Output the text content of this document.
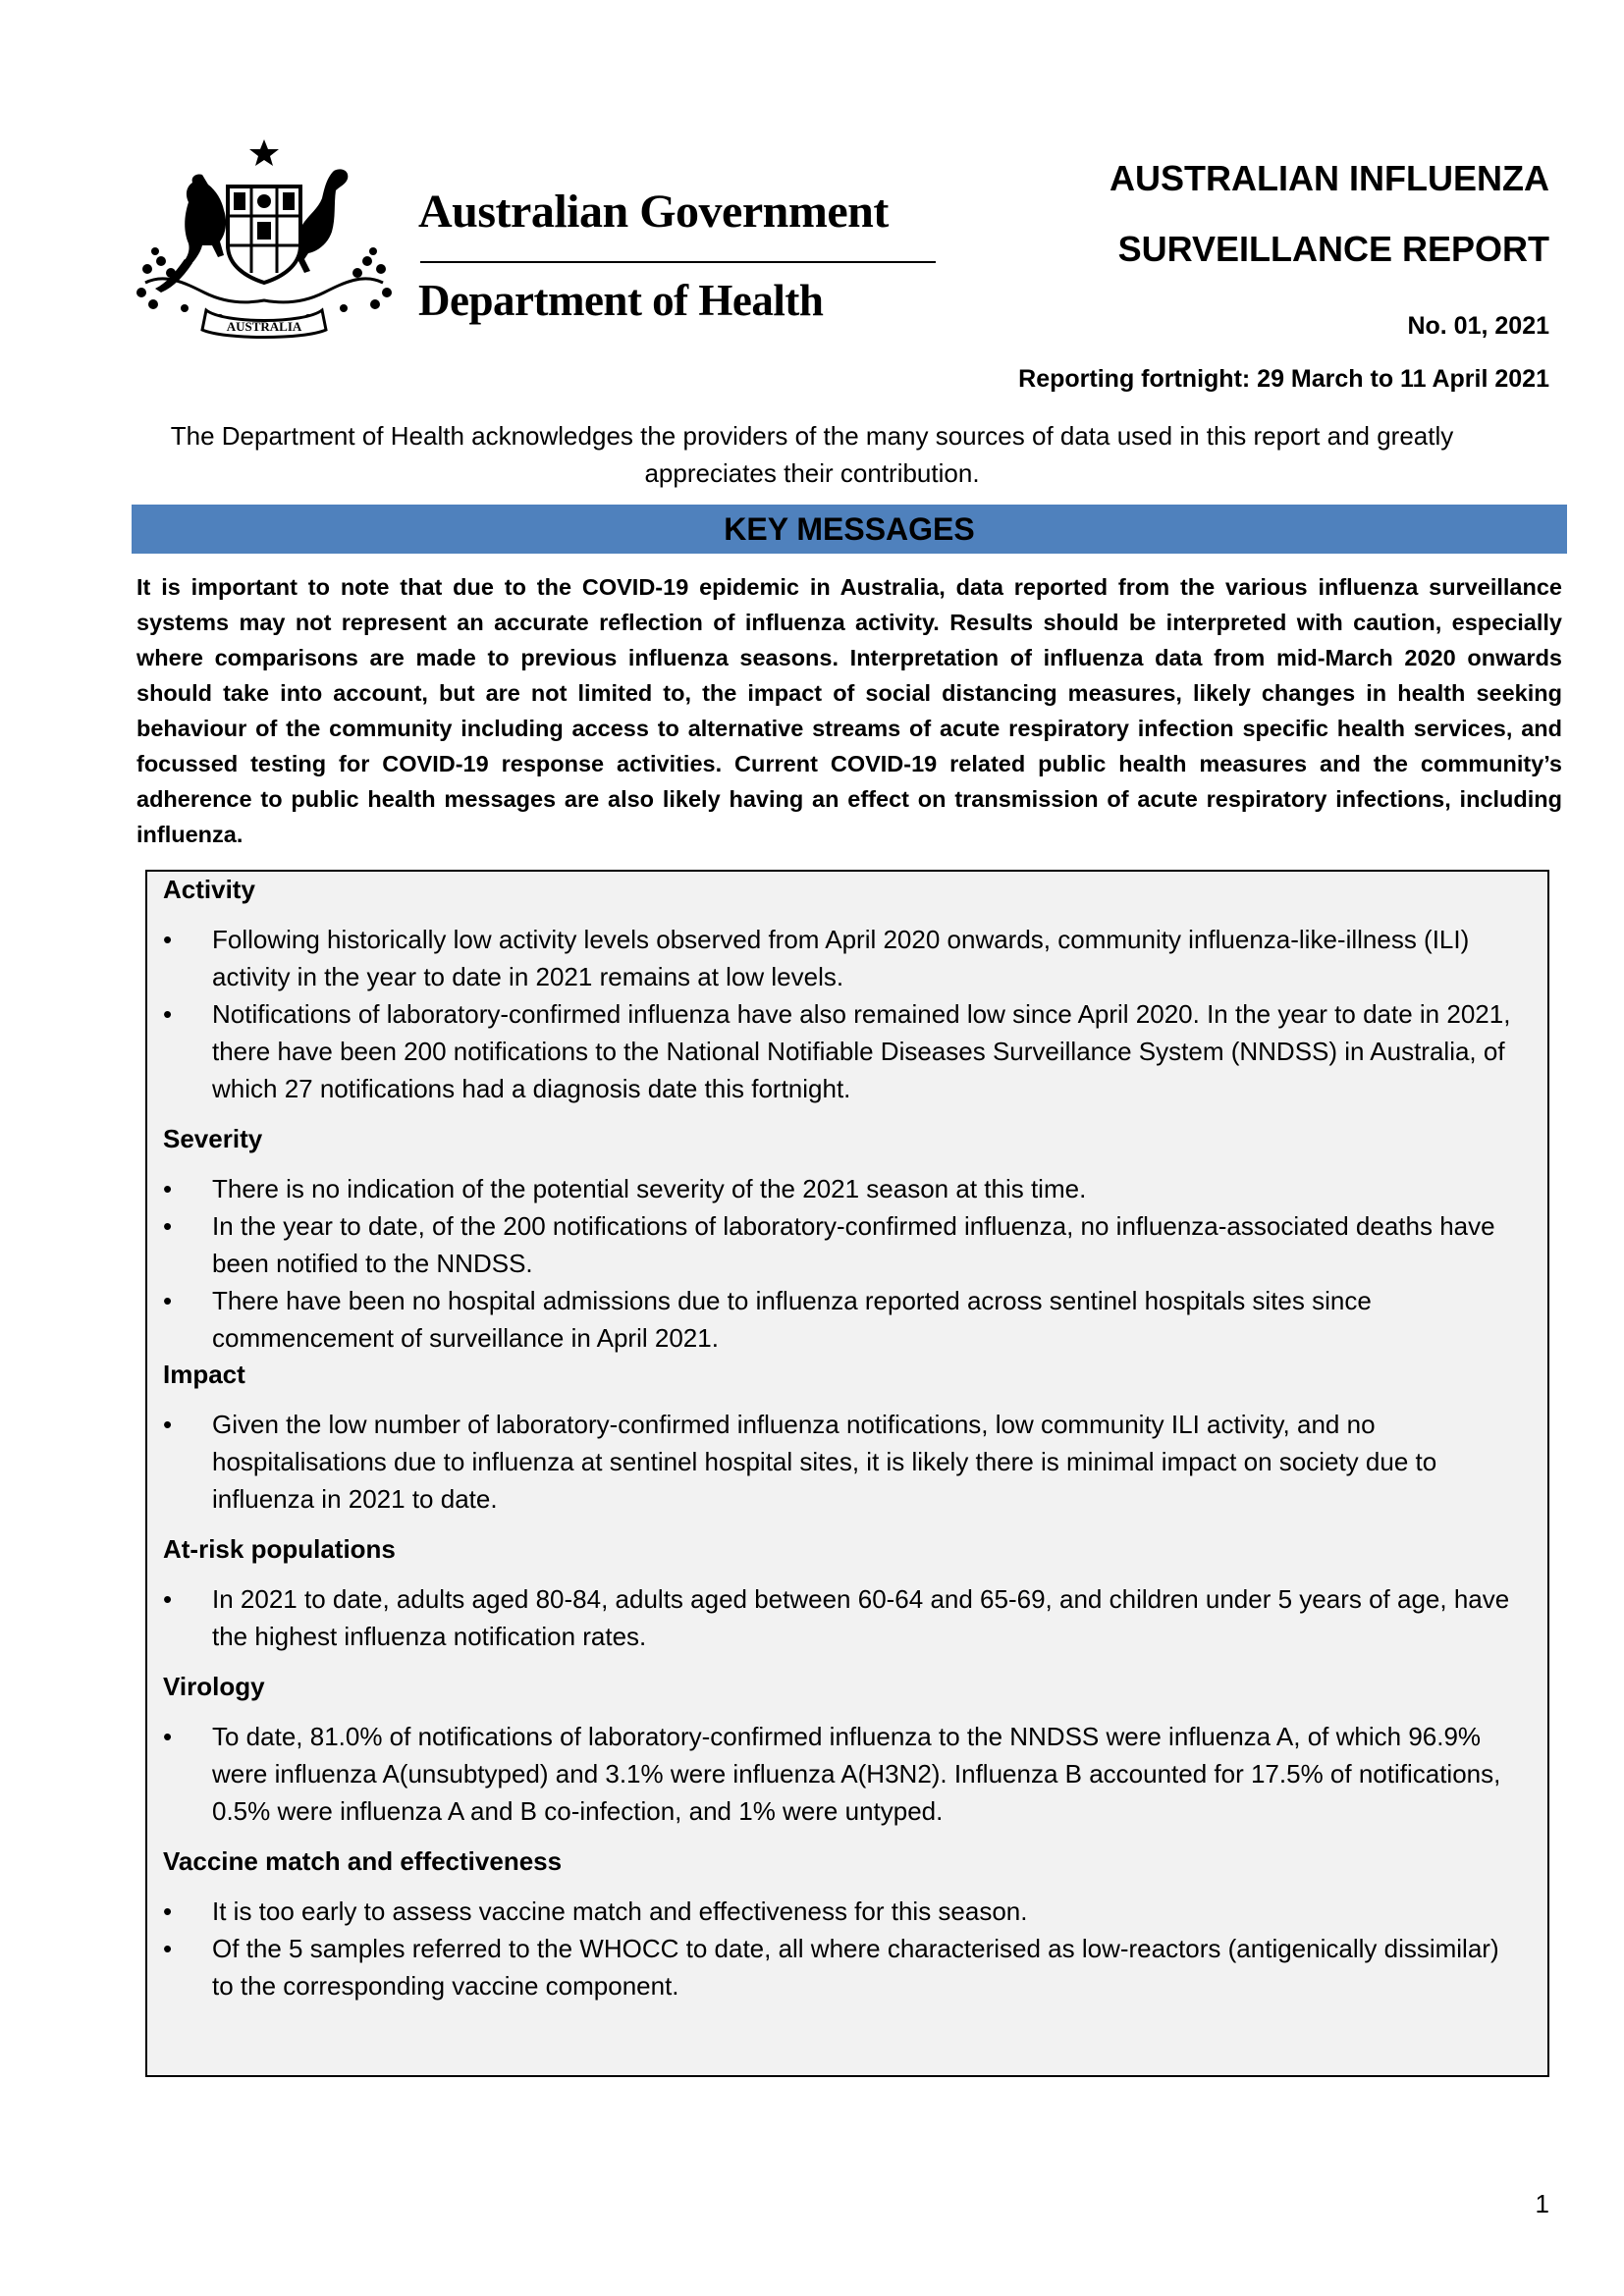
AUSTRALIA
Australian Government
Department of Health
AUSTRALIAN INFLUENZA
SURVEILLANCE REPORT
No. 01, 2021
Reporting fortnight: 29 March to 11 April 2021
The Department of Health acknowledges the providers of the many sources of data used in this report and greatly appreciates their contribution.
KEY MESSAGES
It is important to note that due to the COVID-19 epidemic in Australia, data reported from the various influenza surveillance systems may not represent an accurate reflection of influenza activity. Results should be interpreted with caution, especially where comparisons are made to previous influenza seasons. Interpretation of influenza data from mid-March 2020 onwards should take into account, but are not limited to, the impact of social distancing measures, likely changes in health seeking behaviour of the community including access to alternative streams of acute respiratory infection specific health services, and focussed testing for COVID-19 response activities. Current COVID-19 related public health measures and the community’s adherence to public health messages are also likely having an effect on transmission of acute respiratory infections, including influenza.
Activity
• Following historically low activity levels observed from April 2020 onwards, community influenza-like-illness (ILI) activity in the year to date in 2021 remains at low levels.
• Notifications of laboratory-confirmed influenza have also remained low since April 2020. In the year to date in 2021, there have been 200 notifications to the National Notifiable Diseases Surveillance System (NNDSS) in Australia, of which 27 notifications had a diagnosis date this fortnight.
Severity
• There is no indication of the potential severity of the 2021 season at this time.
• In the year to date, of the 200 notifications of laboratory-confirmed influenza, no influenza-associated deaths have been notified to the NNDSS.
• There have been no hospital admissions due to influenza reported across sentinel hospitals sites since commencement of surveillance in April 2021.
Impact
• Given the low number of laboratory-confirmed influenza notifications, low community ILI activity, and no hospitalisations due to influenza at sentinel hospital sites, it is likely there is minimal impact on society due to influenza in 2021 to date.
At-risk populations
• In 2021 to date, adults aged 80-84, adults aged between 60-64 and 65-69, and children under 5 years of age, have the highest influenza notification rates.
Virology
• To date, 81.0% of notifications of laboratory-confirmed influenza to the NNDSS were influenza A, of which 96.9% were influenza A(unsubtyped) and 3.1% were influenza A(H3N2). Influenza B accounted for 17.5% of notifications, 0.5% were influenza A and B co-infection, and 1% were untyped.
Vaccine match and effectiveness
• It is too early to assess vaccine match and effectiveness for this season.
• Of the 5 samples referred to the WHOCC to date, all where characterised as low-reactors (antigenically dissimilar) to the corresponding vaccine component.
1
